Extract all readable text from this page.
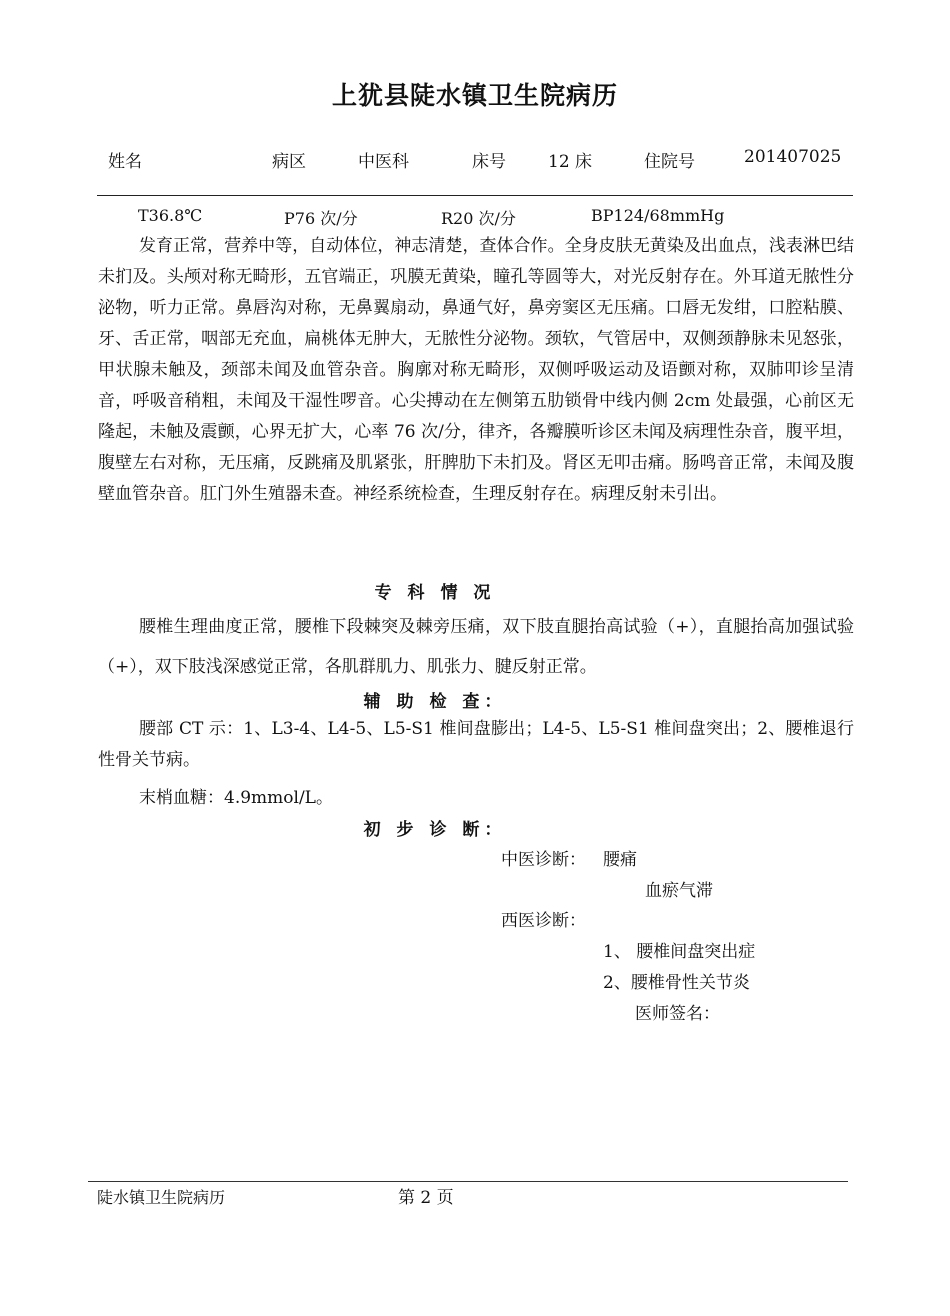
上犹县陡水镇卫生院病历
姓名	病区	中医科	床号 12 床	住院号	201407025
T36.8℃	P76 次/分	R20 次/分	BP124/68mmHg
发育正常，营养中等，自动体位，神志清楚，查体合作。全身皮肤无黄染及出血点，浅表淋巴结未扪及。头颅对称无畸形，五官端正，巩膜无黄染，瞳孔等圆等大，对光反射存在。外耳道无脓性分泌物，听力正常。鼻唇沟对称，无鼻翼扇动，鼻通气好，鼻旁窦区无压痛。口唇无发绀，口腔粘膜、牙、舌正常，咽部无充血，扁桃体无肿大，无脓性分泌物。颈软，气管居中，双侧颈静脉未见怒张，甲状腺未触及，颈部未闻及血管杂音。胸廓对称无畸形，双侧呼吸运动及语颤对称，双肺叩诊呈清音，呼吸音稍粗，未闻及干湿性啰音。心尖搏动在左侧第五肋锁骨中线内侧 2cm 处最强，心前区无隆起，未触及震颤，心界无扩大，心率 76 次/分，律齐，各瓣膜听诊区未闻及病理性杂音，腹平坦，腹壁左右对称，无压痛，反跳痛及肌紧张，肝脾肋下未扪及。肾区无叩击痛。肠鸣音正常，未闻及腹壁血管杂音。肛门外生殖器未查。神经系统检查，生理反射存在。病理反射未引出。
专 科 情 况
腰椎生理曲度正常，腰椎下段棘突及棘旁压痛，双下肢直腿抬高试验（+），直腿抬高加强试验（+），双下肢浅深感觉正常，各肌群肌力、肌张力、腱反射正常。
辅 助 检 查：
腰部 CT 示：1、L3-4、L4-5、L5-S1 椎间盘膨出；L4-5、L5-S1 椎间盘突出；2、腰椎退行性骨关节病。
末梢血糖：4.9mmol/L。
初 步 诊 断：
中医诊断： 腰痛
血瘀气滞
西医诊断：
1、 腰椎间盘突出症
2、腰椎骨性关节炎
医师签名：
陡水镇卫生院病历	第 2 页
